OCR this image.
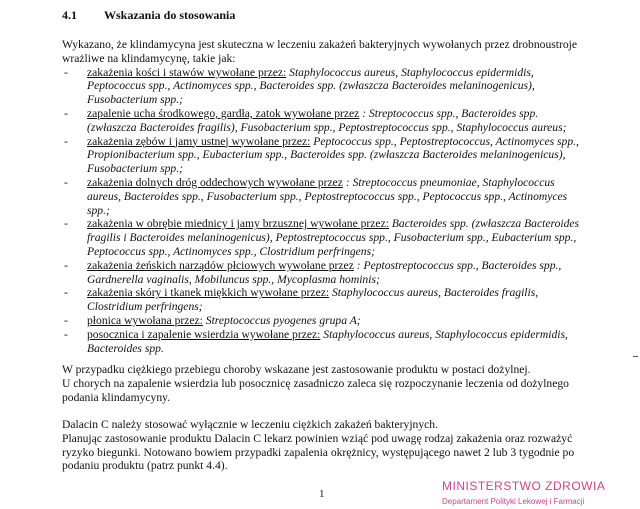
4.1 Wskazania do stosowania

Wykazano, że klindamycyna jest skuteczna w leczeniu zakażeń bakteryjnych wywołanych przez drobnoustroje wrażliwe na klindamycynę, takie jak:

- zakażenia kości i stawów wywołane przez: Staphylococcus aureus, Staphylococcus epidermidis, Peptococcus spp., Actinomyces spp., Bacteroides spp. (zwłaszcza Bacteroides melaninogenicus), Fusobacterium spp.;
- zapalenie ucha środkowego, gardła, zatok wywołane przez : Streptococcus spp., Bacteroides spp. (zwłaszcza Bacteroides fragilis), Fusobacterium spp., Peptostreptococcus spp., Staphylococcus aureus;
- zakażenia zębów i jamy ustnej wywołane przez: Peptococcus spp., Peptostreptococcus, Actinomyces spp., Propionibacterium spp., Eubacterium spp., Bacteroides spp. (zwłaszcza Bacteroides melaninogenicus), Fusobacterium spp.;
- zakażenia dolnych dróg oddechowych wywołane przez : Streptococcus pneumoniae, Staphylococcus aureus, Bacteroides spp., Fusobacterium spp., Peptostreptococcus spp., Peptococcus spp., Actinomyces spp.;
- zakażenia w obrębie miednicy i jamy brzusznej wywołane przez: Bacteroides spp. (zwłaszcza Bacteroides fragilis i Bacteroides melaninogenicus), Peptostreptococcus spp., Fusobacterium spp., Eubacterium spp., Peptococcus spp., Actinomyces spp., Clostridium perfringens;
- zakażenia żeńskich narządów płciowych wywołane przez : Peptostreptococcus spp., Bacteroides spp., Gardnerella vaginalis, Mobiluncus spp., Mycoplasma hominis;
- zakażenia skóry i tkanek miękkich wywołane przez: Staphylococcus aureus, Bacteroides fragilis, Clostridium perfringens;
- płonica wywołana przez: Streptococcus pyogenes grupa A;
- posocznica i zapalenie wsierdzia wywołane przez: Staphylococcus aureus, Staphylococcus epidermidis, Bacteroides spp.

W przypadku ciężkiego przebiegu choroby wskazane jest zastosowanie produktu w postaci dożylnej.

U chorych na zapalenie wsierdzia lub posocznicę zasadniczo zaleca się rozpoczynanie leczenia od dożylnego podania klindamycyny.

Dalacin C należy stosować wyłącznie w leczeniu ciężkich zakażeń bakteryjnych.

Planując zastosowanie produktu Dalacin C lekarz powinien wziąć pod uwagę rodzaj zakażenia oraz rozważyć ryzyko biegunki. Notowano bowiem przypadki zapalenia okrężnicy, występującego nawet 2 lub 3 tygodnie po podaniu produktu (patrz punkt 4.4).

1
MINISTERSTWO ZDROWIA
Departament Polityki Lekowej i Farmacji
